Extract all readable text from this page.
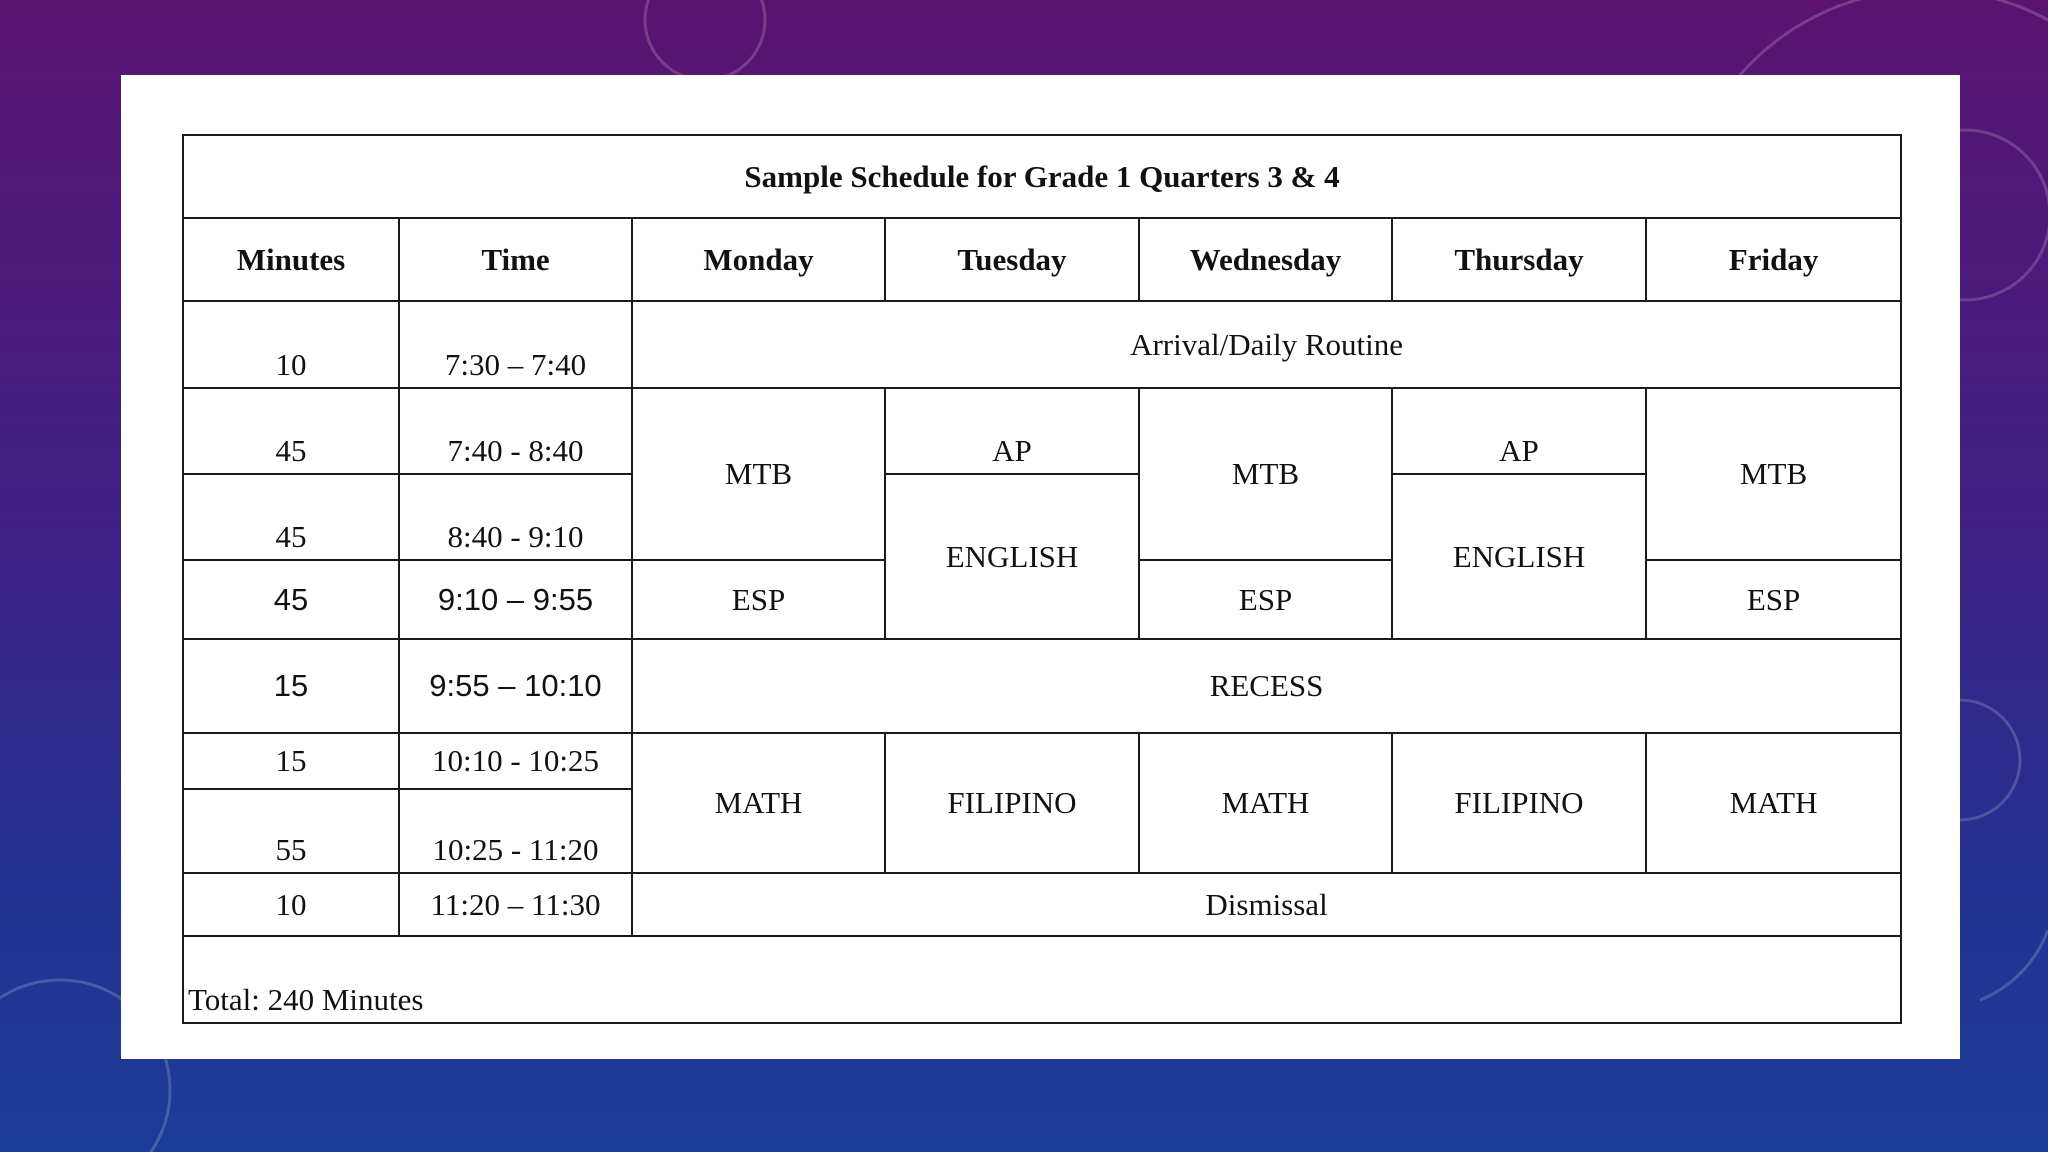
Sample Schedule for Grade 1 Quarters 3 & 4						
Minutes	Time	Monday	Tuesday	Wednesday	Thursday	Friday
10	7:30 – 7:40	Arrival/Daily Routine				
45	7:40 - 8:40	MTB	AP	MTB	AP	MTB
45	8:40 - 9:10		ENGLISH		ENGLISH	
45	9:10 – 9:55	ESP		ESP		ESP
15	9:55 – 10:10	RECESS				
15	10:10 - 10:25	MATH	FILIPINO	MATH	FILIPINO	MATH
55	10:25 - 11:20					
10	11:20 – 11:30	Dismissal				
Total: 240 Minutes						
